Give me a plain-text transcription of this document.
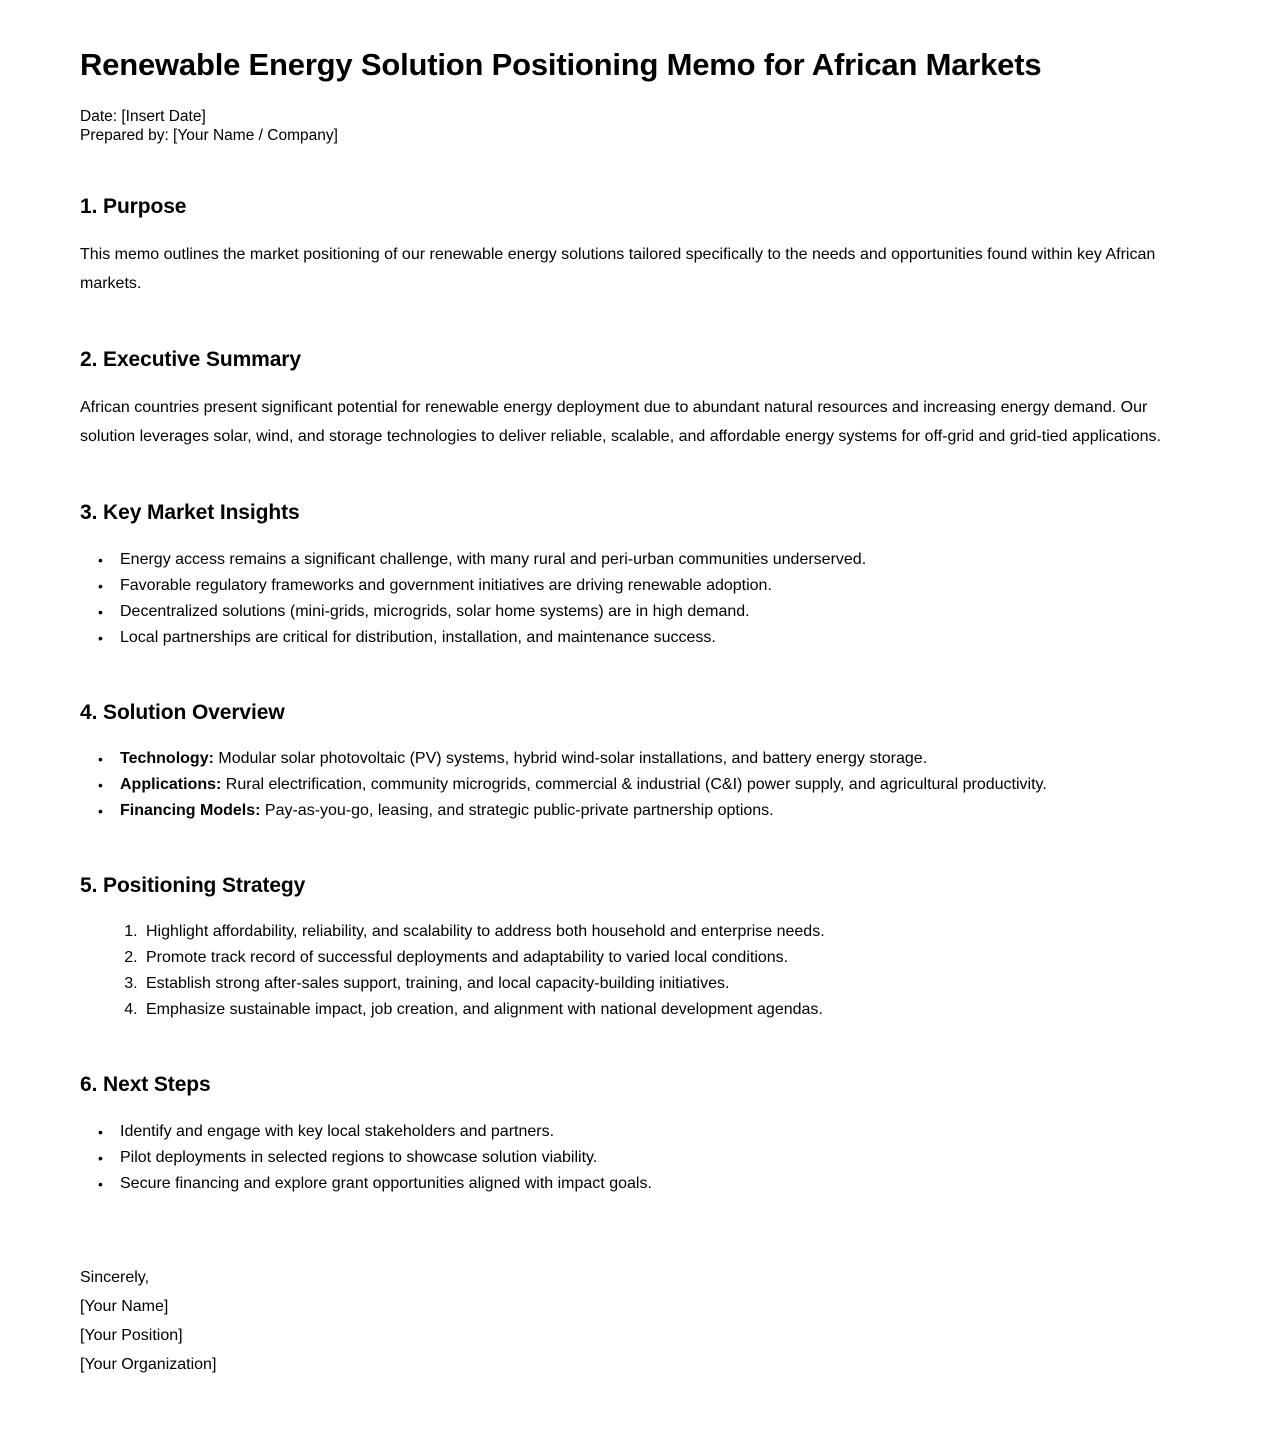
Renewable Energy Solution Positioning Memo for African Markets

Date: [Insert Date]

Prepared by: [Your Name / Company]

1. Purpose

This memo outlines the market positioning of our renewable energy solutions tailored specifically to the needs and opportunities found within key African markets.

2. Executive Summary

African countries present significant potential for renewable energy deployment due to abundant natural resources and increasing energy demand. Our solution leverages solar, wind, and storage technologies to deliver reliable, scalable, and affordable energy systems for off-grid and grid-tied applications.

3. Key Market Insights
• Energy access remains a significant challenge, with many rural and peri-urban communities underserved.
• Favorable regulatory frameworks and government initiatives are driving renewable adoption.
• Decentralized solutions (mini-grids, microgrids, solar home systems) are in high demand.
• Local partnerships are critical for distribution, installation, and maintenance success.
4. Solution Overview
• Technology: Modular solar photovoltaic (PV) systems, hybrid wind-solar installations, and battery energy storage.
• Applications: Rural electrification, community microgrids, commercial & industrial (C&I) power supply, and agricultural productivity.
• Financing Models: Pay-as-you-go, leasing, and strategic public-private partnership options.
5. Positioning Strategy
1. Highlight affordability, reliability, and scalability to address both household and enterprise needs.
2. Promote track record of successful deployments and adaptability to varied local conditions.
3. Establish strong after-sales support, training, and local capacity-building initiatives.
4. Emphasize sustainable impact, job creation, and alignment with national development agendas.
6. Next Steps
• Identify and engage with key local stakeholders and partners.
• Pilot deployments in selected regions to showcase solution viability.
• Secure financing and explore grant opportunities aligned with impact goals.

Sincerely,

[Your Name]

[Your Position]

[Your Organization]
